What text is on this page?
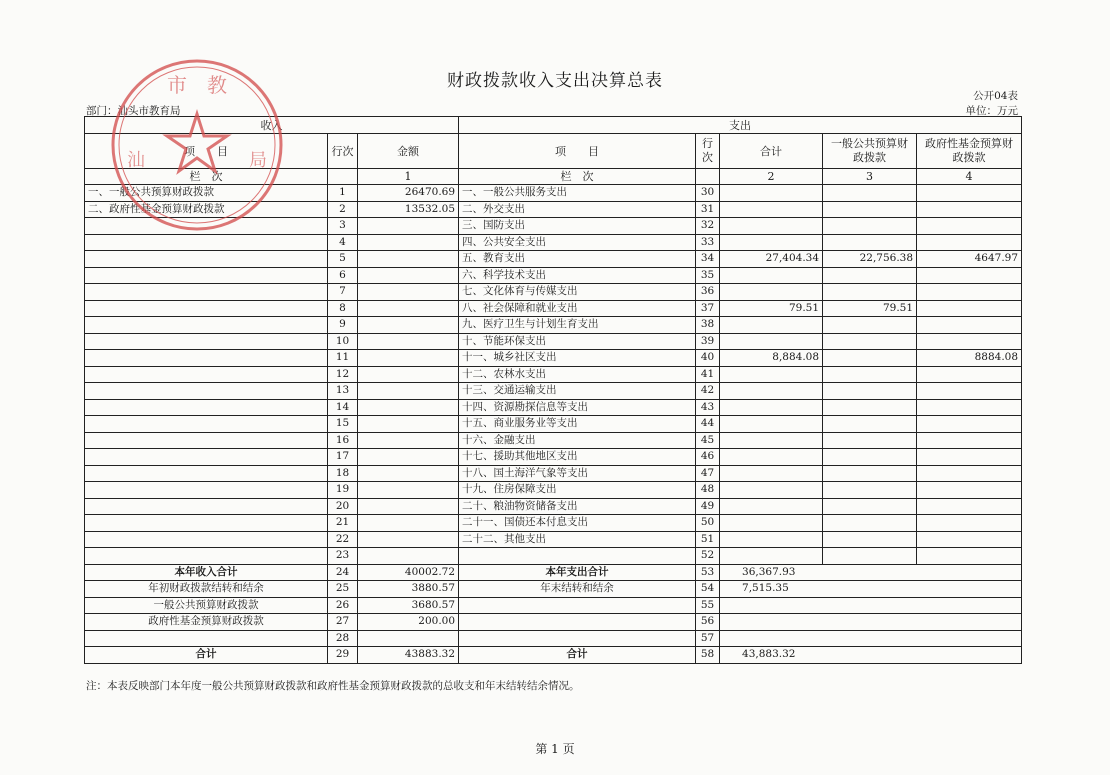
财政拨款收入支出决算总表
公开04表
部门：汕头市教育局	单位：万元
收入			支出				
项　　目	行次	金额	项　　目	行次	合计	一般公共预算财政拨款	政府性基金预算财政拨款
栏　次		1	栏　次		2	3	4
一、一般公共预算财政拨款	1	26470.69	一、一般公共服务支出	30			
二、政府性基金预算财政拨款	2	13532.05	二、外交支出	31			
	3		三、国防支出	32			
	4		四、公共安全支出	33			
	5		五、教育支出	34	27,404.34	22,756.38	4647.97
	6		六、科学技术支出	35			
	7		七、文化体育与传媒支出	36			
	8		八、社会保障和就业支出	37	79.51	79.51	
	9		九、医疗卫生与计划生育支出	38			
	10		十、节能环保支出	39			
	11		十一、城乡社区支出	40	8,884.08		8884.08
	12		十二、农林水支出	41			
	13		十三、交通运输支出	42			
	14		十四、资源勘探信息等支出	43			
	15		十五、商业服务业等支出	44			
	16		十六、金融支出	45			
	17		十七、援助其他地区支出	46			
	18		十八、国土海洋气象等支出	47			
	19		十九、住房保障支出	48			
	20		二十、粮油物资储备支出	49			
	21		二十一、国债还本付息支出	50			
	22		二十二、其他支出	51			
	23			52			
本年收入合计	24	40002.72	本年支出合计	53	36,367.93		
年初财政拨款结转和结余	25	3880.57	年末结转和结余	54	7,515.35		
一般公共预算财政拨款	26	3680.57		55			
政府性基金预算财政拨款	27	200.00		56			
	28			57			
合计	29	43883.32	合计	58	43,883.32		
市　教
局
汕
注：本表反映部门本年度一般公共预算财政拨款和政府性基金预算财政拨款的总收支和年末结转结余情况。
第 1 页
